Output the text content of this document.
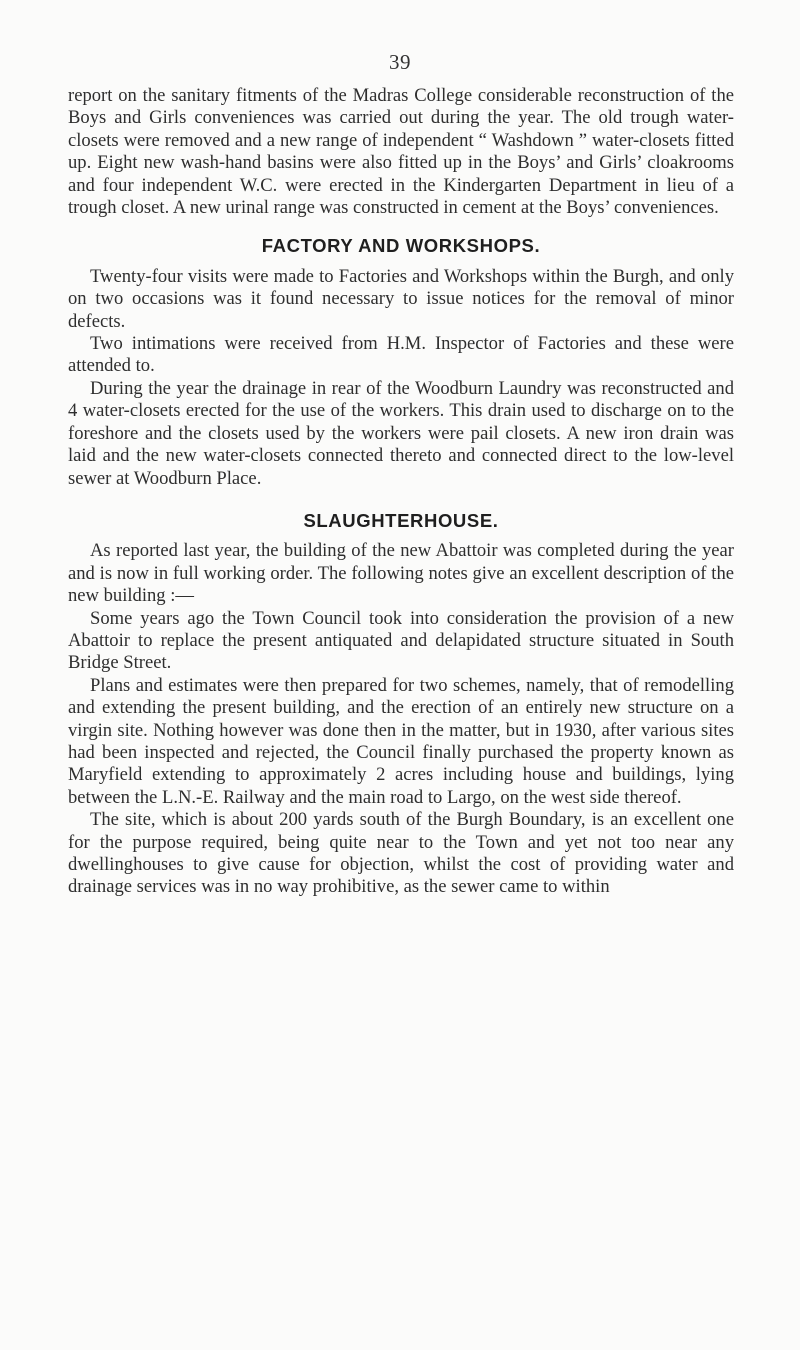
39

report on the sanitary fitments of the Madras College considerable reconstruction of the Boys and Girls conveniences was carried out during the year. The old trough water-closets were removed and a new range of independent “ Washdown ” water-closets fitted up. Eight new wash-hand basins were also fitted up in the Boys’ and Girls’ cloakrooms and four independent W.C. were erected in the Kindergarten Department in lieu of a trough closet. A new urinal range was constructed in cement at the Boys’ conveniences.

FACTORY AND WORKSHOPS.

Twenty-four visits were made to Factories and Workshops within the Burgh, and only on two occasions was it found necessary to issue notices for the removal of minor defects.

Two intimations were received from H.M. Inspector of Factories and these were attended to.

During the year the drainage in rear of the Woodburn Laundry was reconstructed and 4 water-closets erected for the use of the workers. This drain used to discharge on to the foreshore and the closets used by the workers were pail closets. A new iron drain was laid and the new water-closets connected thereto and connected direct to the low-level sewer at Woodburn Place.

SLAUGHTERHOUSE.

As reported last year, the building of the new Abattoir was completed during the year and is now in full working order. The following notes give an excellent description of the new building :—

Some years ago the Town Council took into consideration the provision of a new Abattoir to replace the present antiquated and delapidated structure situated in South Bridge Street.

Plans and estimates were then prepared for two schemes, namely, that of remodelling and extending the present building, and the erection of an entirely new structure on a virgin site. Nothing however was done then in the matter, but in 1930, after various sites had been inspected and rejected, the Council finally purchased the property known as Maryfield extending to approximately 2 acres including house and buildings, lying between the L.N.-E. Railway and the main road to Largo, on the west side thereof.

The site, which is about 200 yards south of the Burgh Boundary, is an excellent one for the purpose required, being quite near to the Town and yet not too near any dwellinghouses to give cause for objection, whilst the cost of providing water and drainage services was in no way prohibitive, as the sewer came to within
